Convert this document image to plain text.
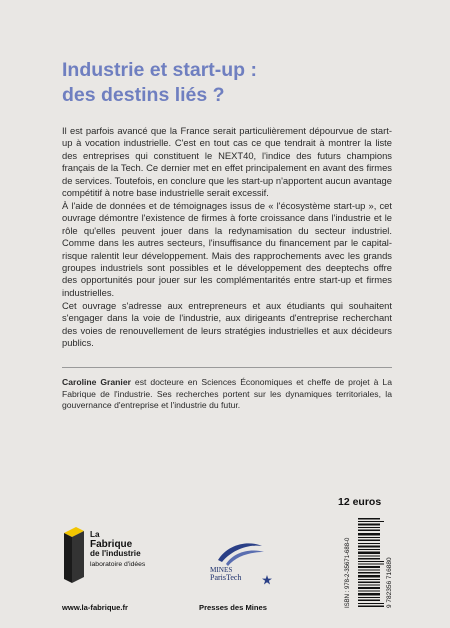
Industrie et start-up :
des destins liés ?

Il est parfois avancé que la France serait particulièrement dépourvue de start-up à vocation industrielle. C'est en tout cas ce que tendrait à montrer la liste des entreprises qui constituent le NEXT40, l'indice des futurs champions français de la Tech. Ce dernier met en effet principalement en avant des firmes de services. Toutefois, en conclure que les start-up n'apportent aucun avantage compétitif à notre base industrielle serait excessif.

À l'aide de données et de témoignages issus de « l'écosystème start-up », cet ouvrage démontre l'existence de firmes à forte croissance dans l'industrie et le rôle qu'elles peuvent jouer dans la redynamisation du secteur industriel. Comme dans les autres secteurs, l'insuffisance du financement par le capital-risque ralentit leur développement. Mais des rapprochements avec les grands groupes industriels sont possibles et le développement des deeptechs offre des opportunités pour jouer sur les complémentarités entre start-up et firmes industrielles.

Cet ouvrage s'adresse aux entrepreneurs et aux étudiants qui souhaitent s'engager dans la voie de l'industrie, aux dirigeants d'entreprise recherchant des voies de renouvellement de leurs stratégies industrielles et aux décideurs publics.

Caroline Granier est docteure en Sciences Économiques et cheffe de projet à La Fabrique de l'industrie. Ses recherches portent sur les dynamiques territoriales, la gouvernance d'entreprise et l'industrie du futur.

12 euros
La
Fabrique
de l'industrie
laboratoire d'idées
www.la-fabrique.fr
MINES
ParisTech
Presses des Mines	ISBN : 978-2-35671-688-0	9 782356 716880
